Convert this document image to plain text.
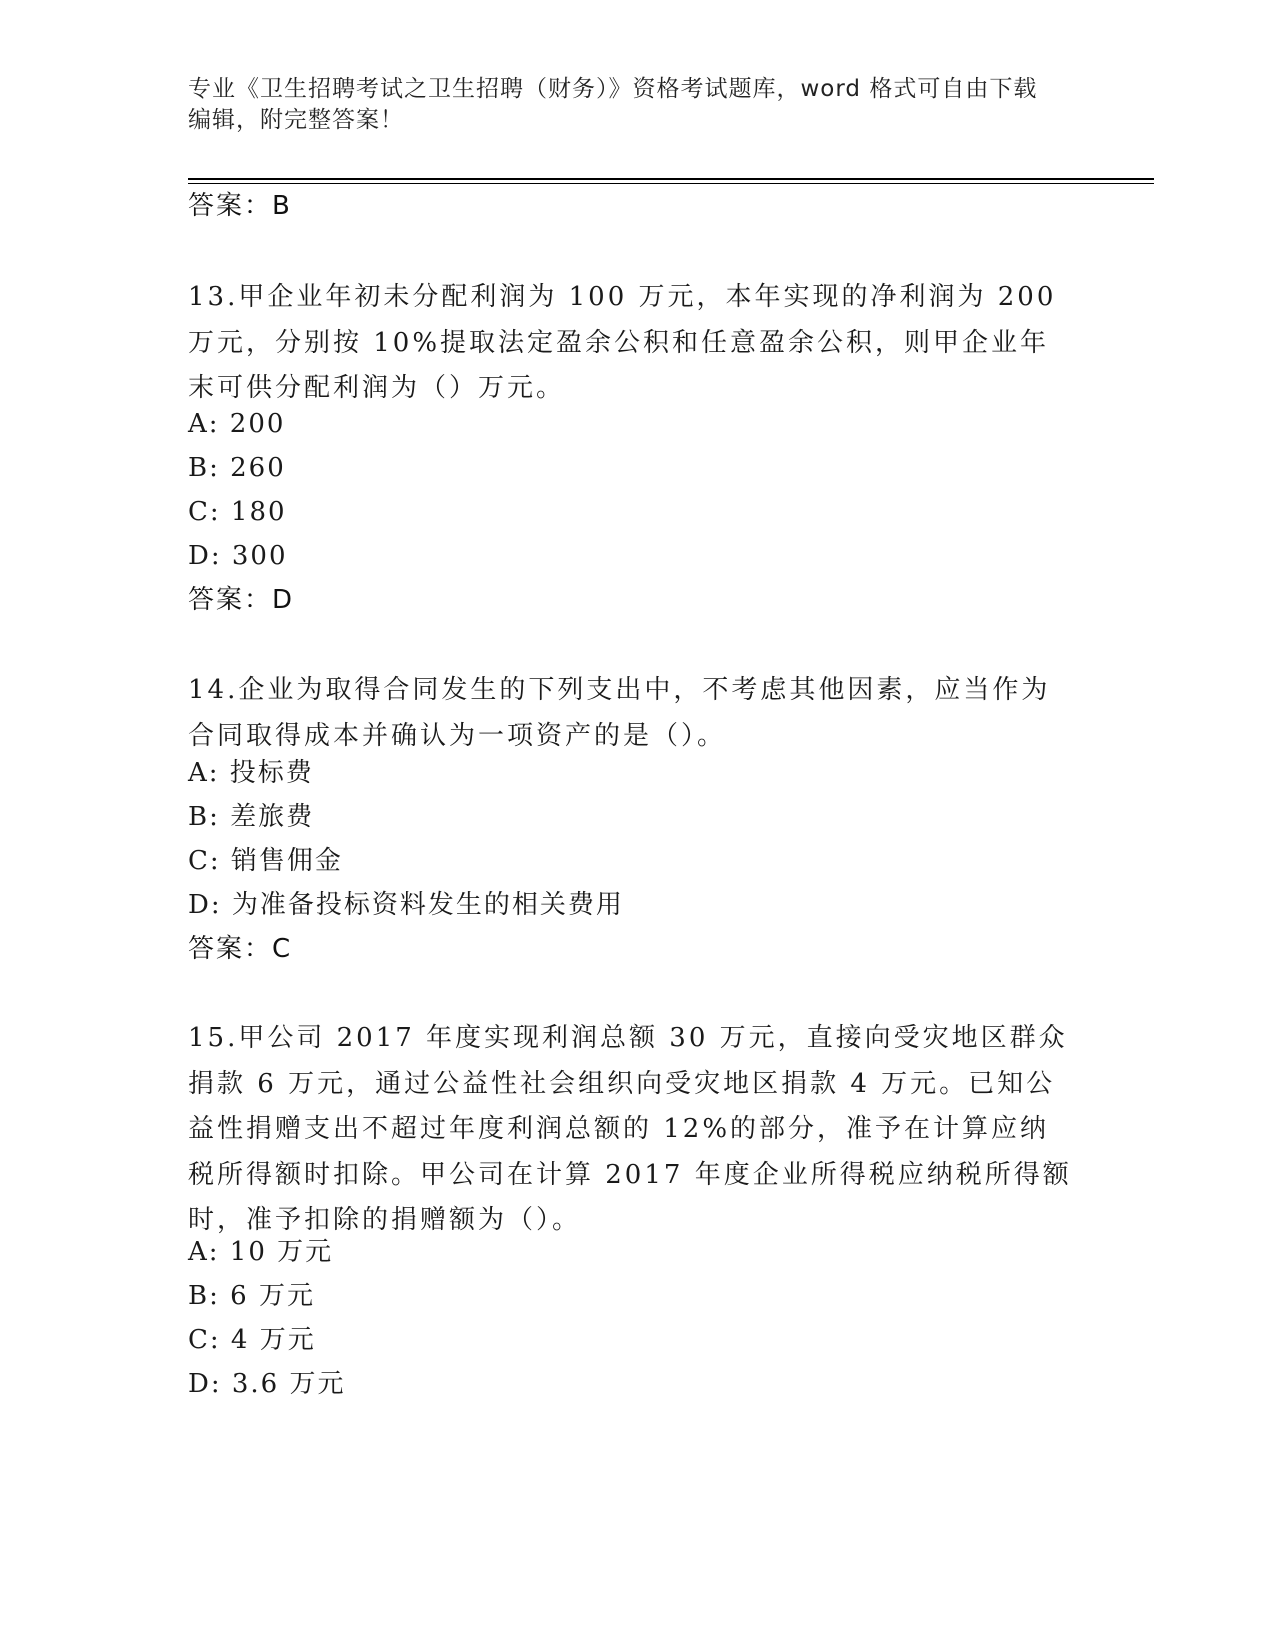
专业《卫生招聘考试之卫生招聘（财务）》资格考试题库，word 格式可自由下载
编辑，附完整答案！
答案：B

13.甲企业年初未分配利润为 100 万元，本年实现的净利润为 200 万元，分别按 10%提取法定盈余公积和任意盈余公积，则甲企业年末可供分配利润为（）万元。

A: 200
B: 260
C: 180
D: 300
答案：D

14.企业为取得合同发生的下列支出中，不考虑其他因素，应当作为合同取得成本并确认为一项资产的是（）。

A: 投标费
B: 差旅费
C: 销售佣金
D: 为准备投标资料发生的相关费用
答案：C

15.甲公司 2017 年度实现利润总额 30 万元，直接向受灾地区群众捐款 6 万元，通过公益性社会组织向受灾地区捐款 4 万元。已知公益性捐赠支出不超过年度利润总额的 12%的部分，准予在计算应纳税所得额时扣除。甲公司在计算 2017 年度企业所得税应纳税所得额时，准予扣除的捐赠额为（）。

A: 10 万元
B: 6 万元
C: 4 万元
D: 3.6 万元
